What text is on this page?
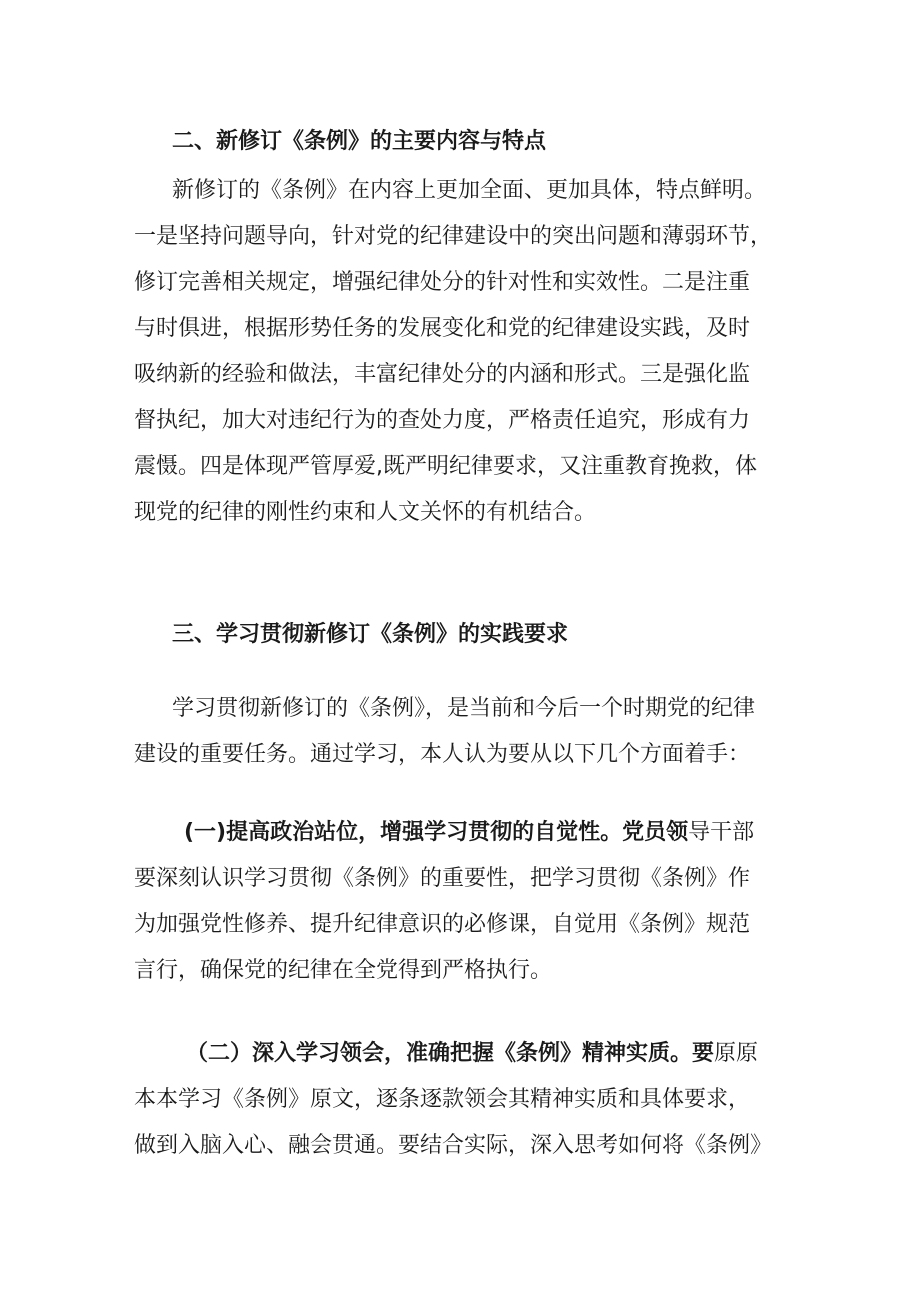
二、新修订《条例》的主要内容与特点
新修订的《条例》在内容上更加全面、更加具体，特点鲜明。
一是坚持问题导向，针对党的纪律建设中的突出问题和薄弱环节，
修订完善相关规定，增强纪律处分的针对性和实效性。二是注重
与时俱进，根据形势任务的发展变化和党的纪律建设实践，及时
吸纳新的经验和做法，丰富纪律处分的内涵和形式。三是强化监
督执纪，加大对违纪行为的查处力度，严格责任追究，形成有力
震慑。四是体现严管厚爱,既严明纪律要求，又注重教育挽救，体
现党的纪律的刚性约束和人文关怀的有机结合。
三、学习贯彻新修订《条例》的实践要求
学习贯彻新修订的《条例》，是当前和今后一个时期党的纪律
建设的重要任务。通过学习，本人认为要从以下几个方面着手：
(一)提高政治站位，增强学习贯彻的自觉性。党员领导干部
要深刻认识学习贯彻《条例》的重要性，把学习贯彻《条例》作
为加强党性修养、提升纪律意识的必修课，自觉用《条例》规范
言行，确保党的纪律在全党得到严格执行。
（二）深入学习领会，准确把握《条例》精神实质。要原原
本本学习《条例》原文，逐条逐款领会其精神实质和具体要求，
做到入脑入心、融会贯通。要结合实际，深入思考如何将《条例》
